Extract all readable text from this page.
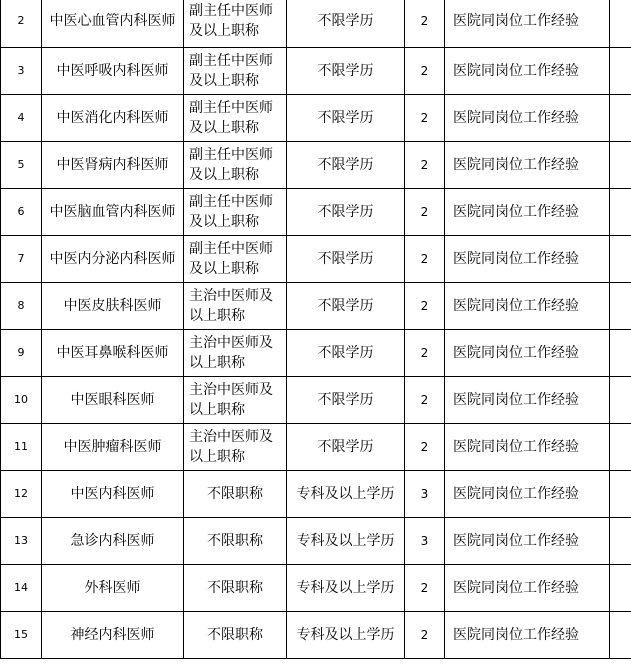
2	中医心血管内科医师	副主任中医师及以上职称	不限学历	2	医院同岗位工作经验	
3	中医呼吸内科医师	副主任中医师及以上职称	不限学历	2	医院同岗位工作经验	
4	中医消化内科医师	副主任中医师及以上职称	不限学历	2	医院同岗位工作经验	
5	中医肾病内科医师	副主任中医师及以上职称	不限学历	2	医院同岗位工作经验	
6	中医脑血管内科医师	副主任中医师及以上职称	不限学历	2	医院同岗位工作经验	
7	中医内分泌内科医师	副主任中医师及以上职称	不限学历	2	医院同岗位工作经验	
8	中医皮肤科医师	主治中医师及以上职称	不限学历	2	医院同岗位工作经验	
9	中医耳鼻喉科医师	主治中医师及以上职称	不限学历	2	医院同岗位工作经验	
10	中医眼科医师	主治中医师及以上职称	不限学历	2	医院同岗位工作经验	
11	中医肿瘤科医师	主治中医师及以上职称	不限学历	2	医院同岗位工作经验	
12	中医内科医师	不限职称	专科及以上学历	3	医院同岗位工作经验	
13	急诊内科医师	不限职称	专科及以上学历	3	医院同岗位工作经验	
14	外科医师	不限职称	专科及以上学历	2	医院同岗位工作经验	
15	神经内科医师	不限职称	专科及以上学历	2	医院同岗位工作经验	
